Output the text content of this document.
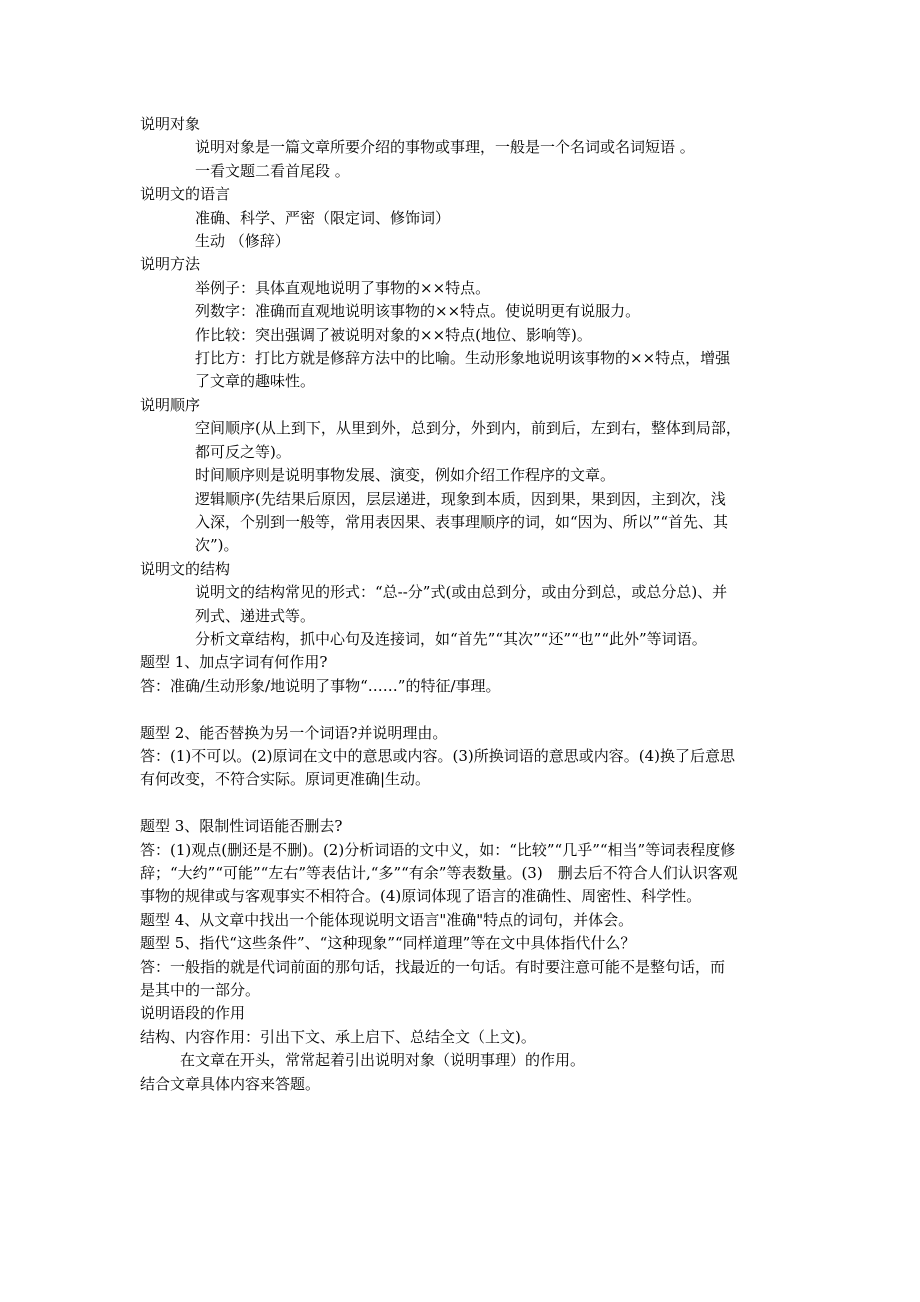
说明对象
说明对象是一篇文章所要介绍的事物或事理，一般是一个名词或名词短语 。
一看文题二看首尾段 。
说明文的语言
准确、科学、严密（限定词、修饰词）
生动 （修辞）
说明方法
举例子：具体直观地说明了事物的××特点。
列数字：准确而直观地说明该事物的××特点。使说明更有说服力。
作比较：突出强调了被说明对象的××特点(地位、影响等)。
打比方：打比方就是修辞方法中的比喻。生动形象地说明该事物的××特点，增强
了文章的趣味性。
说明顺序
空间顺序(从上到下，从里到外，总到分，外到内，前到后，左到右，整体到局部，
都可反之等)。
时间顺序则是说明事物发展、演变，例如介绍工作程序的文章。
逻辑顺序(先结果后原因，层层递进，现象到本质，因到果，果到因，主到次，浅
入深，个别到一般等，常用表因果、表事理顺序的词，如“因为、所以”“首先、其
次”)。
说明文的结构
说明文的结构常见的形式：“总--分”式(或由总到分，或由分到总，或总分总)、并
列式、递进式等。
分析文章结构，抓中心句及连接词，如“首先”“其次”“还”“也”“此外”等词语。
题型 1、加点字词有何作用?
答：准确/生动形象/地说明了事物“……”的特征/事理。
题型 2、能否替换为另一个词语?并说明理由。
答：(1)不可以。(2)原词在文中的意思或内容。(3)所换词语的意思或内容。(4)换了后意思
有何改变，不符合实际。原词更准确|生动。
题型 3、限制性词语能否删去?
答：(1)观点(删还是不删)。(2)分析词语的文中义，如：“比较”“几乎”“相当”等词表程度修
辞；“大约”“可能”“左右”等表估计,“多”“有余”等表数量。(3)　删去后不符合人们认识客观
事物的规律或与客观事实不相符合。(4)原词体现了语言的准确性、周密性、科学性。
题型 4、从文章中找出一个能体现说明文语言"准确"特点的词句，并体会。
题型 5、指代“这些条件”、“这种现象”“同样道理”等在文中具体指代什么？
答：一般指的就是代词前面的那句话，找最近的一句话。有时要注意可能不是整句话，而
是其中的一部分。
说明语段的作用
结构、内容作用：引出下文、承上启下、总结全文（上文)。
在文章在开头，常常起着引出说明对象（说明事理）的作用。
结合文章具体内容来答题。
